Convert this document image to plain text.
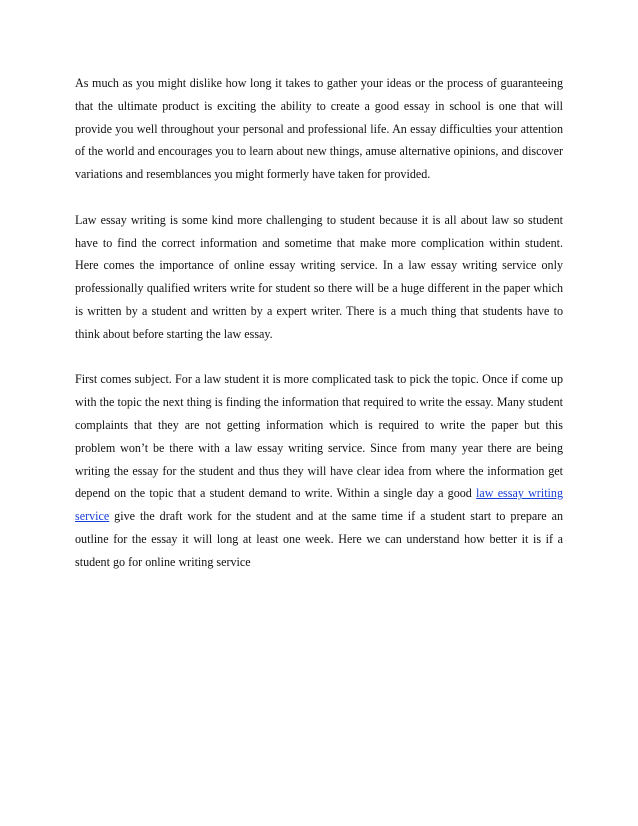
As much as you might dislike how long it takes to gather your ideas or the process of guaranteeing that the ultimate product is exciting the ability to create a good essay in school is one that will provide you well throughout your personal and professional life. An essay difficulties your attention of the world and encourages you to learn about new things, amuse alternative opinions, and discover variations and resemblances you might formerly have taken for provided.

Law essay writing is some kind more challenging to student because it is all about law so student have to find the correct information and sometime that make more complication within student. Here comes the importance of online essay writing service. In a law essay writing service only professionally qualified writers write for student so there will be a huge different in the paper which is written by a student and written by a expert writer. There is a much thing that students have to think about before starting the law essay.

First comes subject. For a law student it is more complicated task to pick the topic. Once if come up with the topic the next thing is finding the information that required to write the essay. Many student complaints that they are not getting information which is required to write the paper but this problem won’t be there with a law essay writing service. Since from many year there are being writing the essay for the student and thus they will have clear idea from where the information get depend on the topic that a student demand to write. Within a single day a good law essay writing service give the draft work for the student and at the same time if a student start to prepare an outline for the essay it will long at least one week. Here we can understand how better it is if a student go for online writing service
